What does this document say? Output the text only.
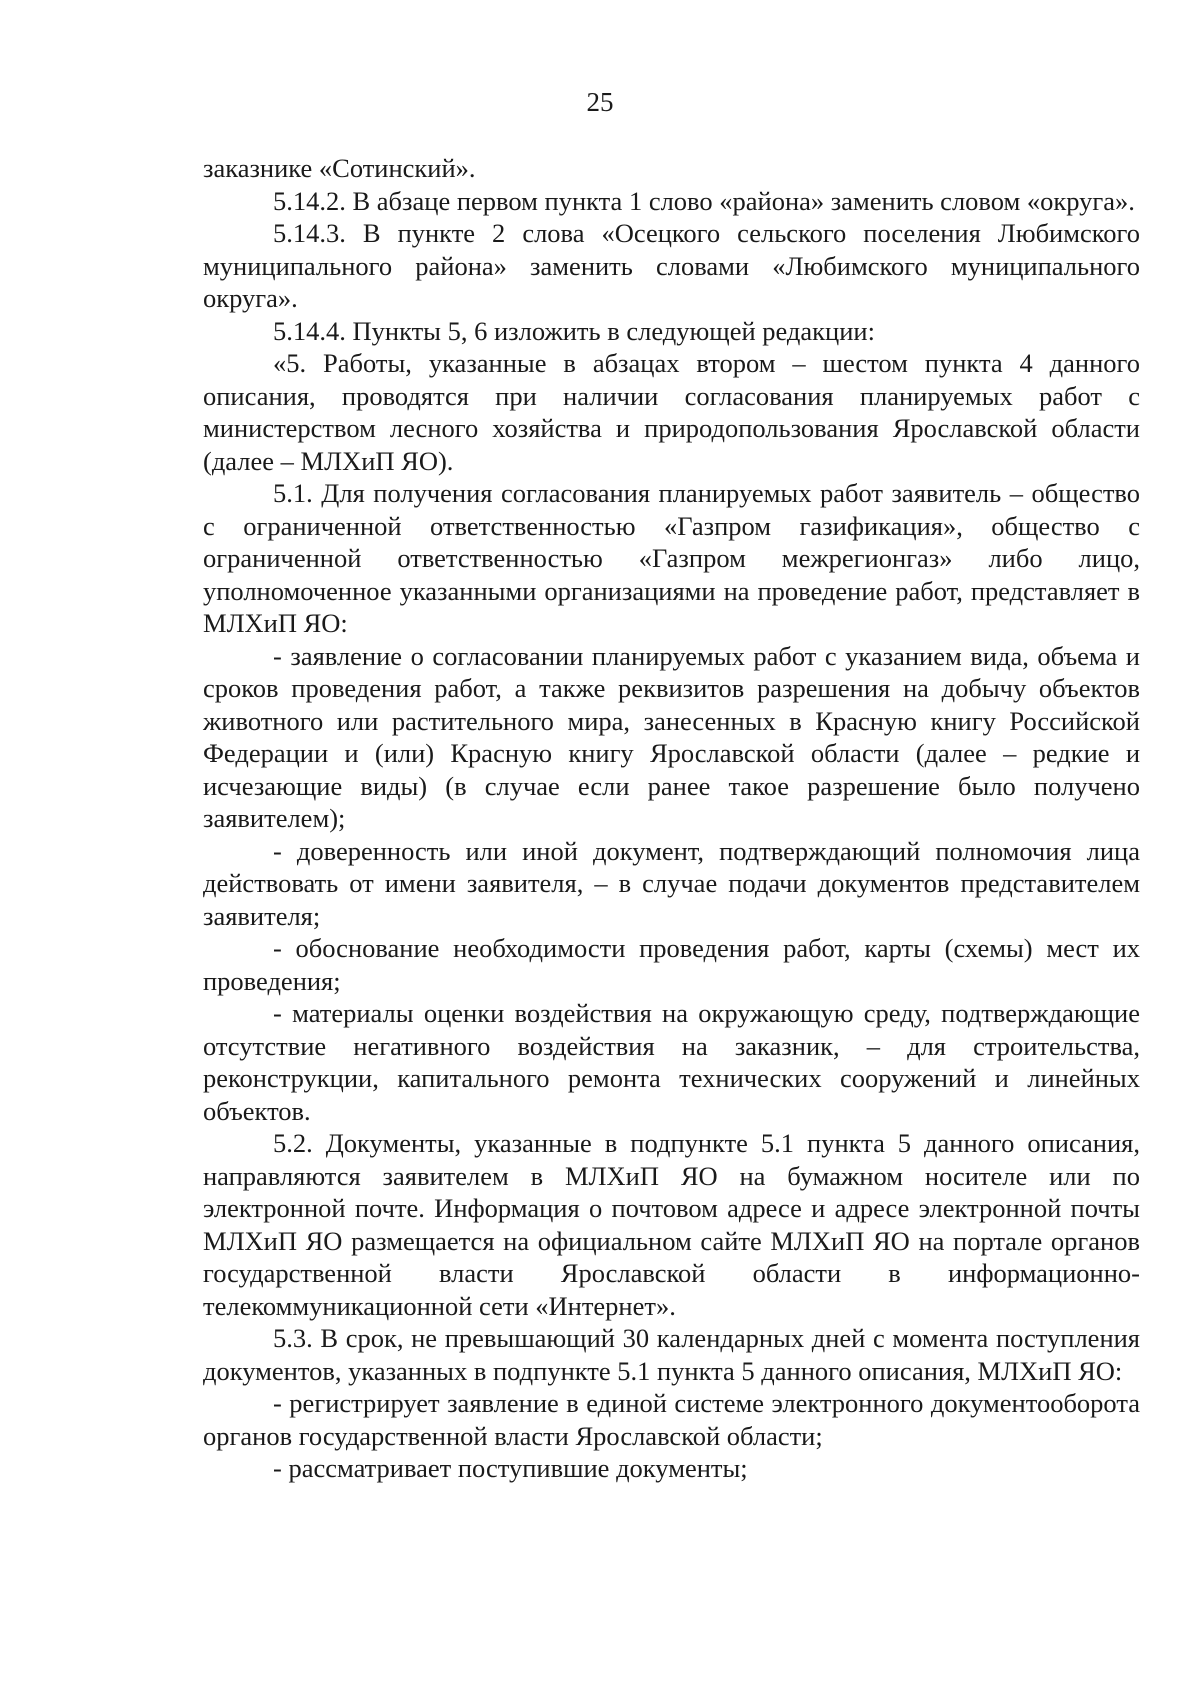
25

заказнике «Сотинский».

5.14.2. В абзаце первом пункта 1 слово «района» заменить словом «округа».

5.14.3. В пункте 2 слова «Осецкого сельского поселения Любимского муниципального района» заменить словами «Любимского муниципального округа».

5.14.4. Пункты 5, 6 изложить в следующей редакции:

«5. Работы, указанные в абзацах втором – шестом пункта 4 данного описания, проводятся при наличии согласования планируемых работ с министерством лесного хозяйства и природопользования Ярославской области (далее – МЛХиП ЯО).

5.1. Для получения согласования планируемых работ заявитель – общество с ограниченной ответственностью «Газпром газификация», общество с ограниченной ответственностью «Газпром межрегионгаз» либо лицо, уполномоченное указанными организациями на проведение работ, представляет в МЛХиП ЯО:

- заявление о согласовании планируемых работ с указанием вида, объема и сроков проведения работ, а также реквизитов разрешения на добычу объектов животного или растительного мира, занесенных в Красную книгу Российской Федерации и (или) Красную книгу Ярославской области (далее – редкие и исчезающие виды) (в случае если ранее такое разрешение было получено заявителем);

- доверенность или иной документ, подтверждающий полномочия лица действовать от имени заявителя, – в случае подачи документов представителем заявителя;

- обоснование необходимости проведения работ, карты (схемы) мест их проведения;

- материалы оценки воздействия на окружающую среду, подтверждающие отсутствие негативного воздействия на заказник, – для строительства, реконструкции, капитального ремонта технических сооружений и линейных объектов.

5.2. Документы, указанные в подпункте 5.1 пункта 5 данного описания, направляются заявителем в МЛХиП ЯО на бумажном носителе или по электронной почте. Информация о почтовом адресе и адресе электронной почты МЛХиП ЯО размещается на официальном сайте МЛХиП ЯО на портале органов государственной власти Ярославской области в информационно-телекоммуникационной сети «Интернет».

5.3. В срок, не превышающий 30 календарных дней с момента поступления документов, указанных в подпункте 5.1 пункта 5 данного описания, МЛХиП ЯО:

- регистрирует заявление в единой системе электронного документооборота органов государственной власти Ярославской области;

- рассматривает поступившие документы;
